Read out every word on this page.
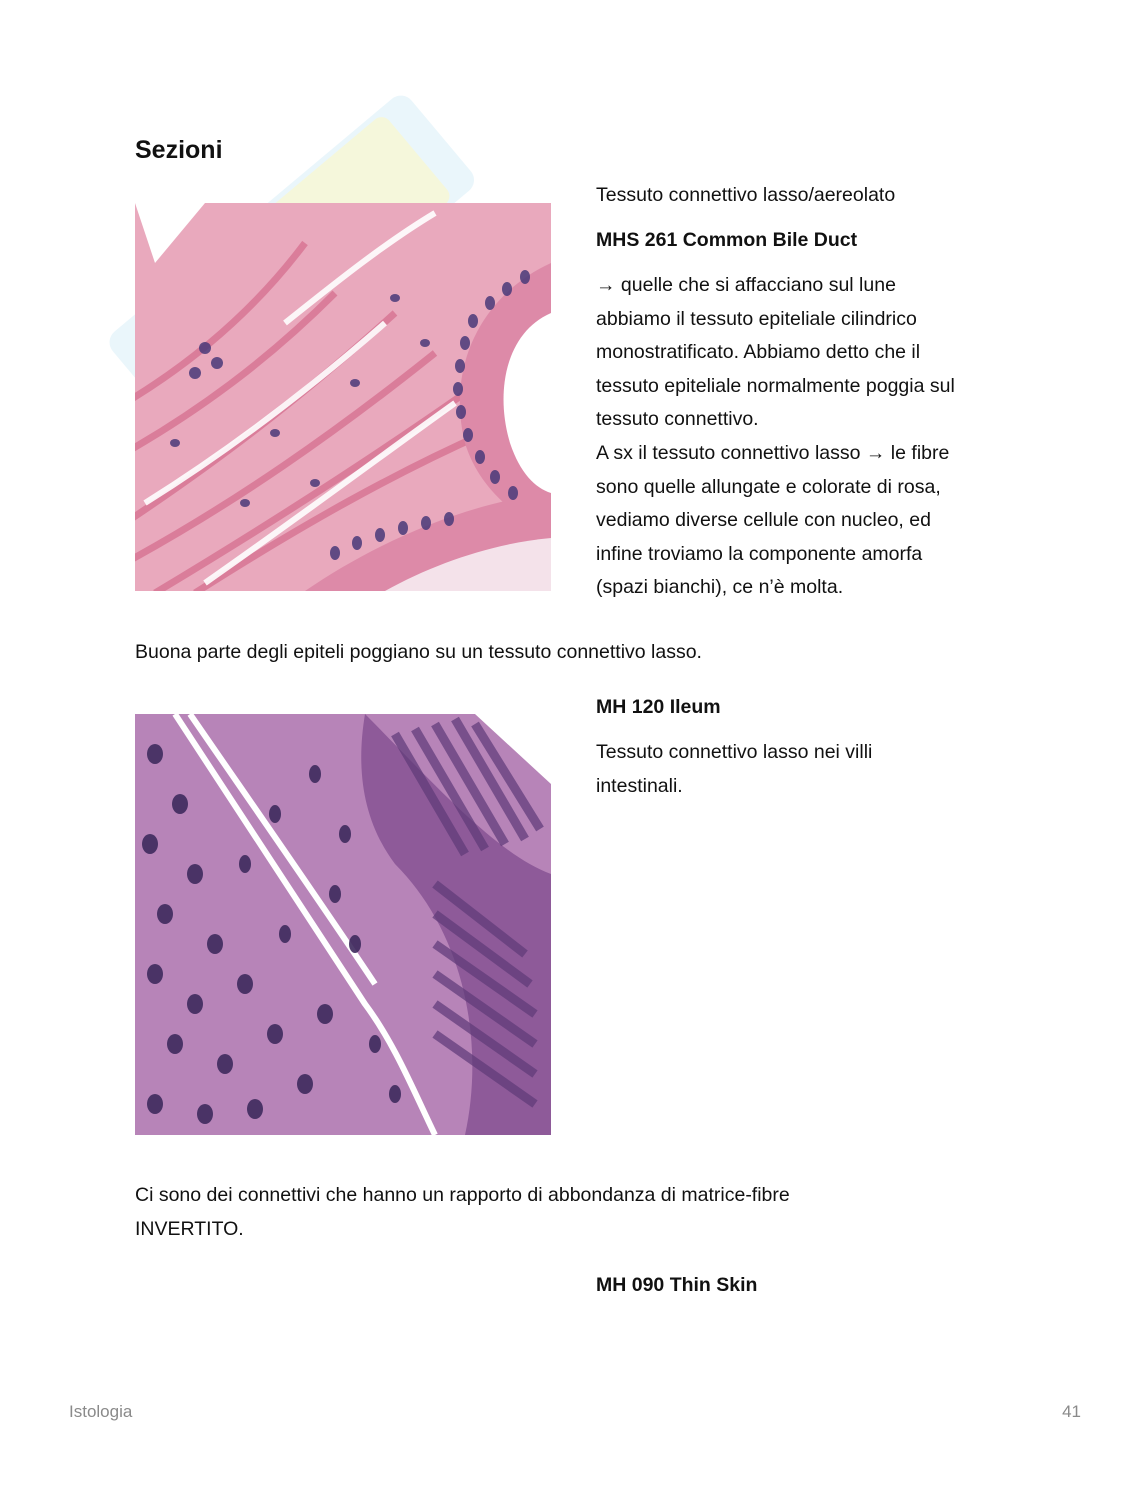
Sezioni
Tessuto connettivo lasso/aereolato
MHS 261 Common Bile Duct
→ quelle che si affacciano sul lune
abbiamo il tessuto epiteliale cilindrico
monostratificato. Abbiamo detto che il
tessuto epiteliale normalmente poggia sul
tessuto connettivo.
A sx il tessuto connettivo lasso → le fibre
sono quelle allungate e colorate di rosa,
vediamo diverse cellule con nucleo, ed
infine troviamo la componente amorfa
(spazi bianchi), ce n’è molta.
Buona parte degli epiteli poggiano su un tessuto connettivo lasso.
MH 120 Ileum
Tessuto connettivo lasso nei villi
intestinali.
Ci sono dei connettivi che hanno un rapporto di abbondanza di matrice-fibre
INVERTITO.
MH 090 Thin Skin
Istologia	41
